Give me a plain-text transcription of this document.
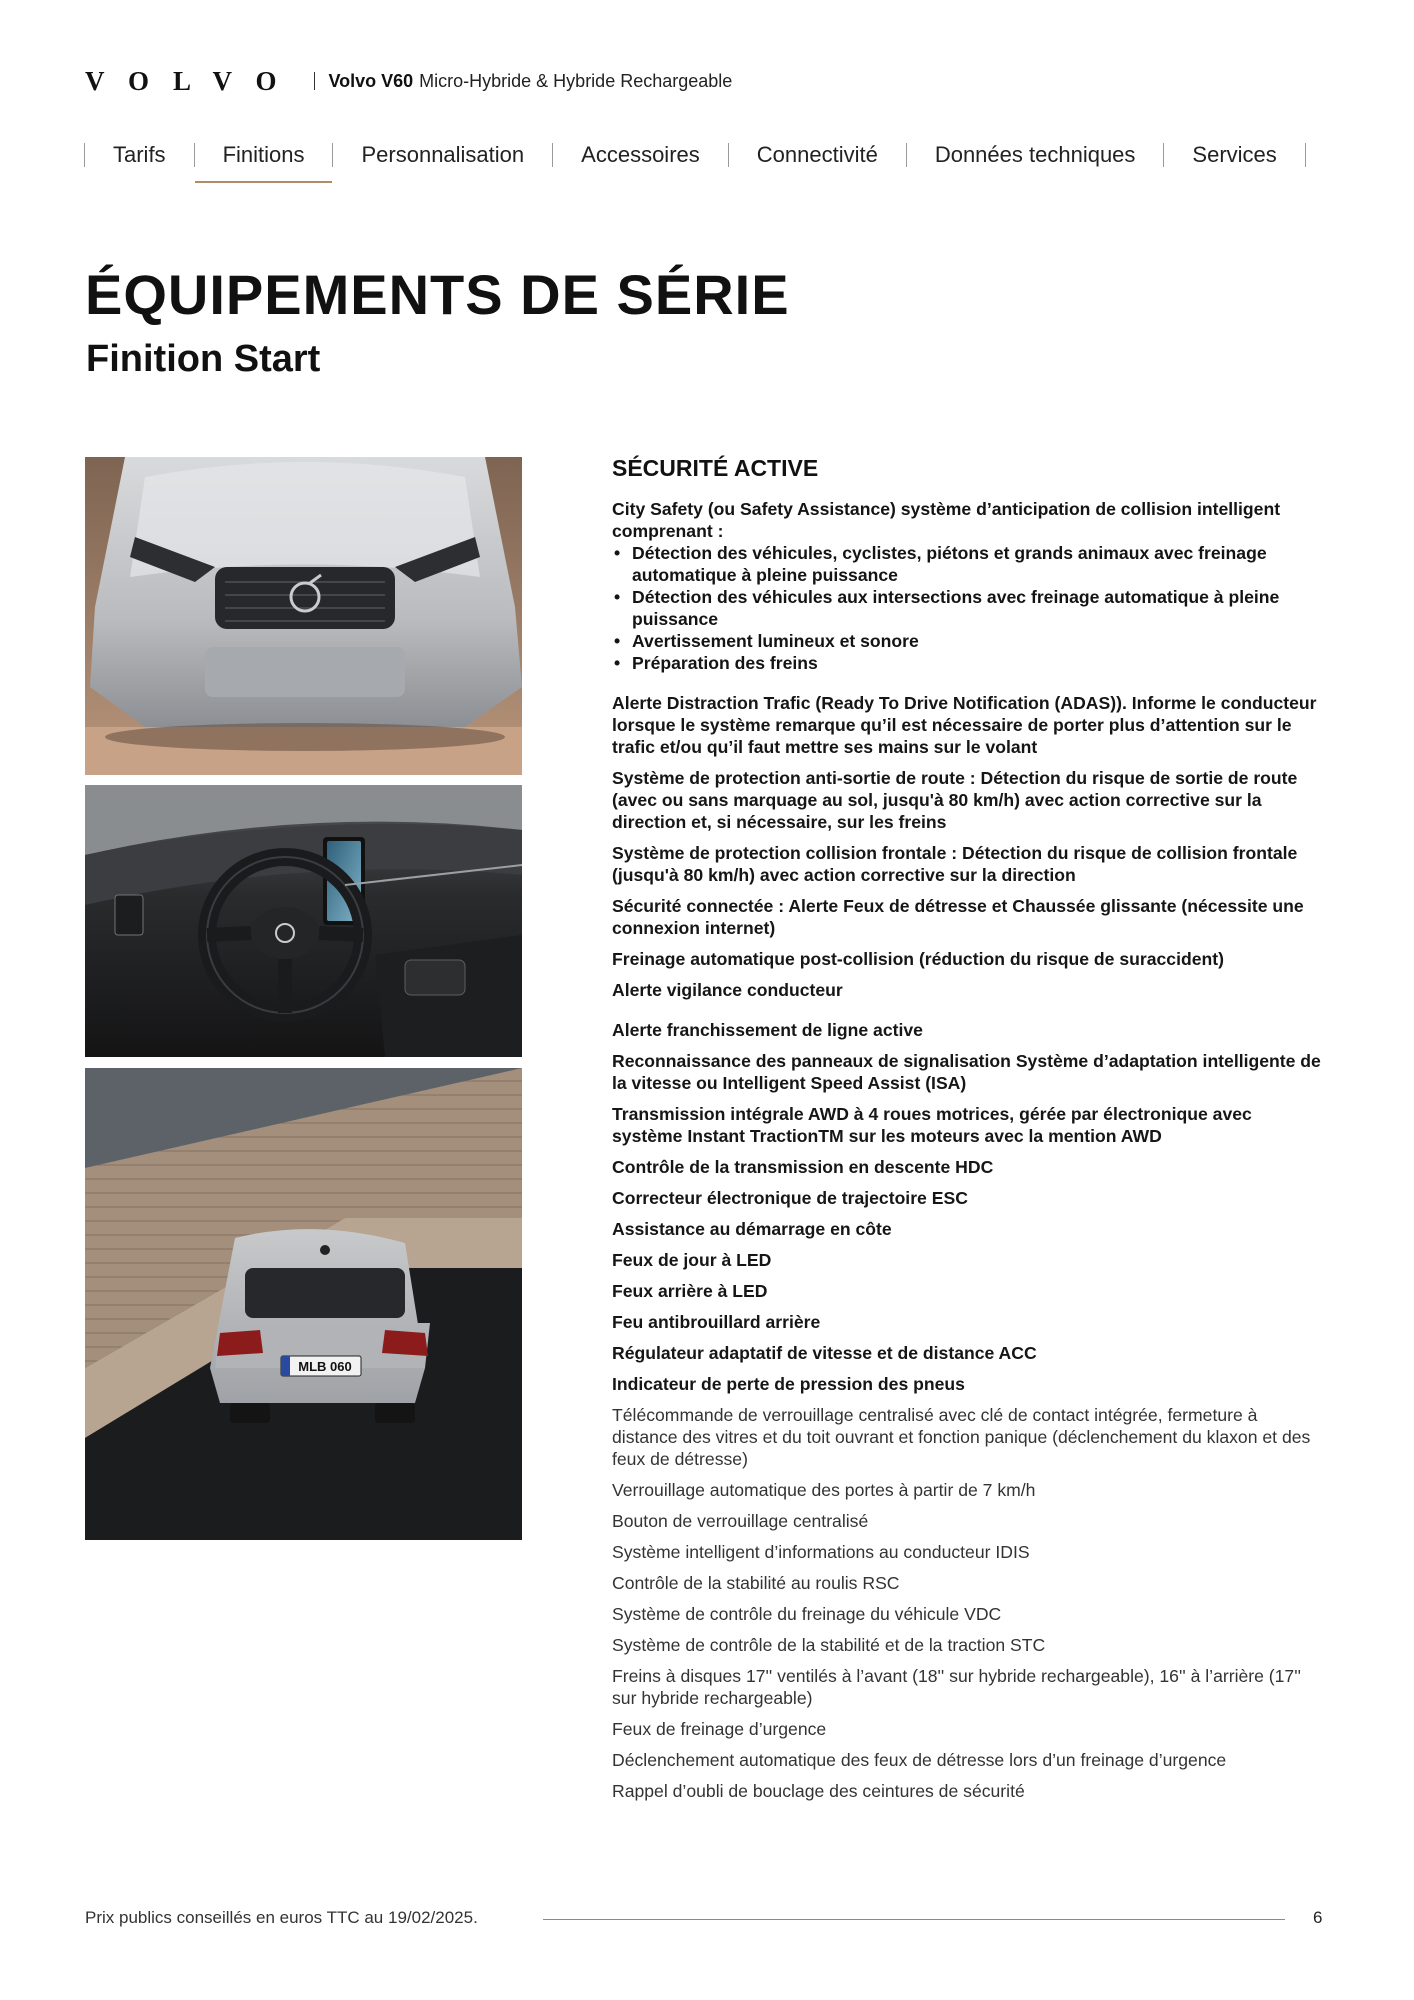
VOLVO Volvo V60 Micro-Hybride & Hybride Rechargeable
Tarifs	Finitions	Personnalisation	Accessoires	Connectivité	Données techniques	Services
ÉQUIPEMENTS DE SÉRIE
Finition Start
MLB 060
SÉCURITÉ ACTIVE

City Safety (ou Safety Assistance) système d’anticipation de collision intelligent comprenant :

• Détection des véhicules, cyclistes, piétons et grands animaux avec freinage automatique à pleine puissance
• Détection des véhicules aux intersections avec freinage automatique à pleine puissance
• Avertissement lumineux et sonore
• Préparation des freins

Alerte Distraction Trafic (Ready To Drive Notification (ADAS)). Informe le conducteur lorsque le système remarque qu’il est nécessaire de porter plus d’attention sur le trafic et/ou qu’il faut mettre ses mains sur le volant

Système de protection anti-sortie de route : Détection du risque de sortie de route (avec ou sans marquage au sol, jusqu'à 80 km/h) avec action corrective sur la direction et, si nécessaire, sur les freins

Système de protection collision frontale : Détection du risque de collision frontale (jusqu'à 80 km/h) avec action corrective sur la direction

Sécurité connectée : Alerte Feux de détresse et Chaussée glissante (nécessite une connexion internet)

Freinage automatique post-collision (réduction du risque de suraccident)

Alerte vigilance conducteur

Alerte franchissement de ligne active

Reconnaissance des panneaux de signalisation Système d’adaptation intelligente de la vitesse ou Intelligent Speed Assist (ISA)

Transmission intégrale AWD à 4 roues motrices, gérée par électronique avec système Instant TractionTM sur les moteurs avec la mention AWD

Contrôle de la transmission en descente HDC

Correcteur électronique de trajectoire ESC

Assistance au démarrage en côte

Feux de jour à LED

Feux arrière à LED

Feu antibrouillard arrière

Régulateur adaptatif de vitesse et de distance ACC

Indicateur de perte de pression des pneus

Télécommande de verrouillage centralisé avec clé de contact intégrée, fermeture à distance des vitres et du toit ouvrant et fonction panique (déclenchement du klaxon et des feux de détresse)

Verrouillage automatique des portes à partir de 7 km/h

Bouton de verrouillage centralisé

Système intelligent d’informations au conducteur IDIS

Contrôle de la stabilité au roulis RSC

Système de contrôle du freinage du véhicule VDC

Système de contrôle de la stabilité et de la traction STC

Freins à disques 17'' ventilés à l’avant (18'' sur hybride rechargeable), 16'' à l’arrière (17'' sur hybride rechargeable)

Feux de freinage d’urgence

Déclenchement automatique des feux de détresse lors d’un freinage d’urgence

Rappel d’oubli de bouclage des ceintures de sécurité

Prix publics conseillés en euros TTC au 19/02/2025.	6
